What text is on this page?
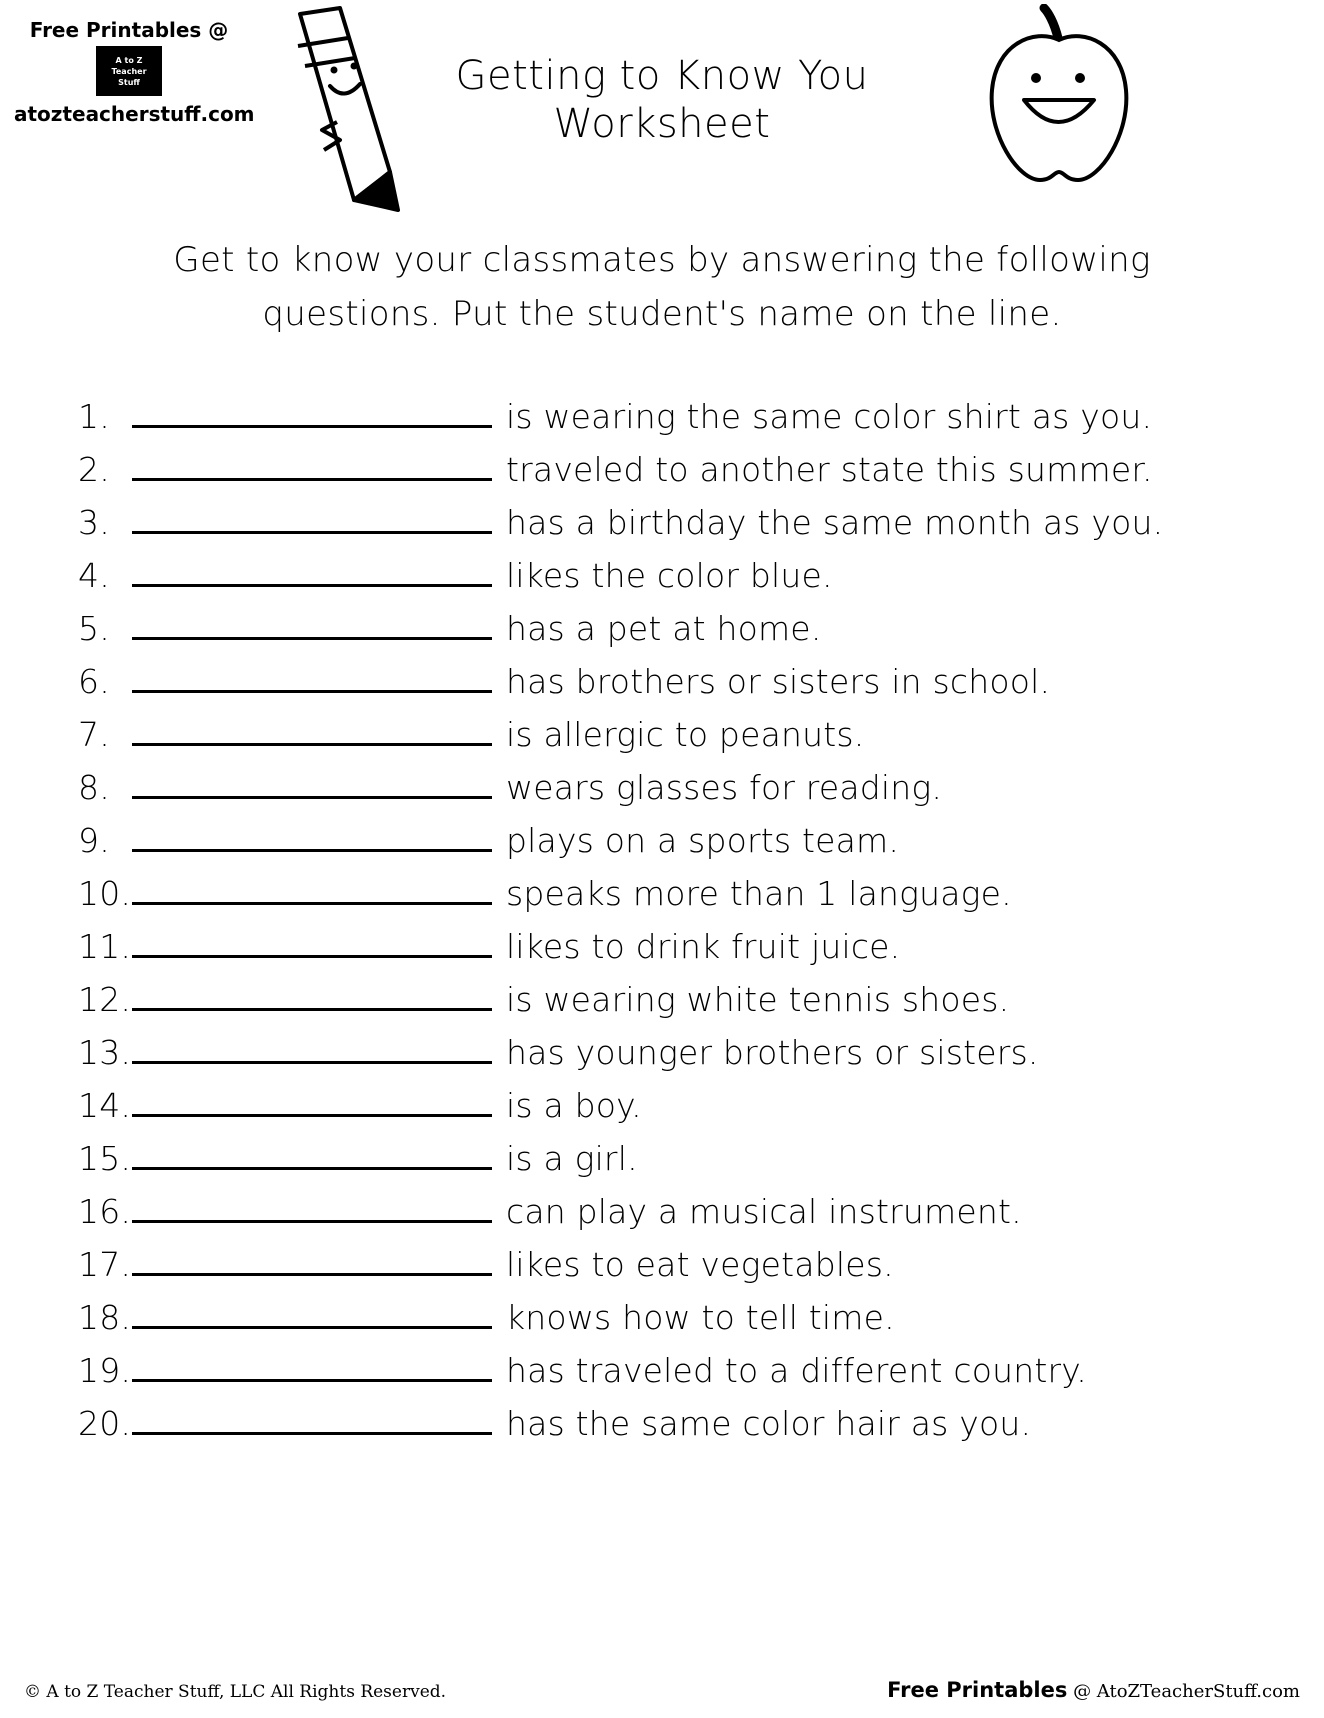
Free Printables @
A to Z
Teacher
Stuff
atozteacherstuff.com
Getting to Know You
Worksheet
Get to know your classmates by answering the following questions. Put the student's name on the line.
1.	is wearing the same color shirt as you.
2.	traveled to another state this summer.
3.	has a birthday the same month as you.
4.	likes the color blue.
5.	has a pet at home.
6.	has brothers or sisters in school.
7.	is allergic to peanuts.
8.	wears glasses for reading.
9.	plays on a sports team.
10.	speaks more than 1 language.
11.	likes to drink fruit juice.
12.	is wearing white tennis shoes.
13.	has younger brothers or sisters.
14.	is a boy.
15.	is a girl.
16.	can play a musical instrument.
17.	likes to eat vegetables.
18.	knows how to tell time.
19.	has traveled to a different country.
20.	has the same color hair as you.
© A to Z Teacher Stuff, LLC All Rights Reserved.	Free Printables @ AtoZTeacherStuff.com
